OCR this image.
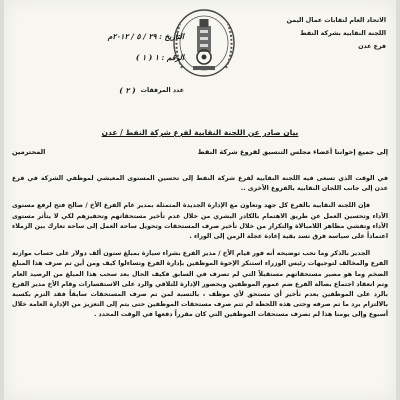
الاتحاد العام لنقابات عمال اليمن
اللجنة النقابية بشركة النفط
فرع عدن
التاريخ : ٢٩ / ٥ / ٢٠١٢م
الرقم : ١ ( ١ )
عدد المرفقات
( ٢ )
بيان صادر عن اللجنة النقابية لفرع شركة النفط / عدن
إلى جميع إخواننا أعضاء مجلس التنسيق لفروع شركة النفط
المحترمين

في الوقت الذي تسعى فيه اللجنة النقابية لفرع شركة النفط إلى تحسين المستوى المعيشي لموظفي الشركة في فرع عدن إلى جانب اللجان النقابية بالفروع الأخرى ..

فإن اللجنة النقابية بالفرع كل جهد وتعاون مع الإدارة الجديدة المتمثلة بمدير عام الفرع الأخ / صالح فتح لرفع مستوى الأداء وتحسين العمل عن طريق الاهتمام بالكادر البشري من خلال عدم تأخير مستحقاتهم وتحفيزهم لكي لا يتأثر مستوى الأداء وتفشي مظاهر اللامبالاة والتكرار من خلال تأخير صرف المستحقات وتحويل ساحة العمل إلى ساحة تعارك بين الزملاء اعتماداً على سياسة فرق تسد بقية إعادة عجلة الزمن إلى الوراء .

الجدير بالذكر وما نحب توضيحه أنه فور قيام الأخ / مدير الفرع بشراء سيارة بمبلغ ستون ألف دولار على حساب موازنة الفرع والمخالف لتوجيهات رئيس الوزراء استنكر الإخوة الموظفين بإدارة الفرع وتساءلوا كيف ومن أين تم صرف هذا المبلغ الضخم وما هو مصير مستحقاتهم مستقبلاً التي لم تصرف في السابق فكيف الحال بعد سحب هذا المبلغ من الرصيد العام وتم انعقاد اجتماع بصالة الفرع ضم عموم الموظفين وبحضور الإدارة للتلاقي والرد على الاستفسارات وقام الأخ مدير الفرع بالرد على الموظفين بعدم تأخير أي مستحق لأي موظف ، بالنسبة لمن تم صرف المستحقات سابقاً فقد التزم بكسبة بالالتزام برد ما تم صرفه وحتى هذه اللحظة لم تتم صرف مستحقات الموظفين حتى يتم إلى التعزيز من الإدارة العامة خلال أسبوع وإلى يومنا هذا لم تصرف مستحقات الموظفين التي كان مقرراً دفعها في الوقت المحدد .
